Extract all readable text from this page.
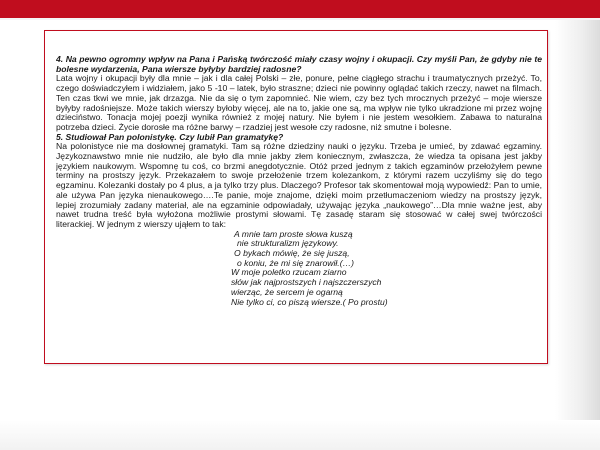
4. Na pewno ogromny wpływ na Pana i Pańską twórczość miały czasy wojny i okupacji. Czy myśli Pan, że gdyby nie te bolesne wydarzenia, Pana wiersze byłyby bardziej radosne?

Lata wojny i okupacji były dla mnie – jak i dla całej Polski – złe, ponure, pełne ciągłego strachu i traumatycznych przeżyć. To, czego doświadczyłem i widziałem, jako 5 -10 – latek, było straszne; dzieci nie powinny oglądać takich rzeczy, nawet na filmach. Ten czas tkwi we mnie, jak drzazga. Nie da się o tym zapomnieć. Nie wiem, czy bez tych mrocznych przeżyć – moje wiersze byłyby radośniejsze. Może takich wierszy byłoby więcej, ale na to, jakie one są, ma wpływ nie tylko ukradzione mi przez wojnę dzieciństwo. Tonacja mojej poezji wynika również z mojej natury. Nie byłem i nie jestem wesołkiem. Zabawa to naturalna potrzeba dzieci. Życie dorosłe ma różne barwy – rzadziej jest wesołe czy radosne, niż smutne i bolesne.

5. Studiował Pan polonistykę. Czy lubił Pan gramatykę?

Na polonistyce nie ma dosłownej gramatyki. Tam są różne dziedziny nauki o języku. Trzeba je umieć, by zdawać egzaminy. Językoznawstwo mnie nie nudziło, ale było dla mnie jakby złem koniecznym, zwłaszcza, że wiedza ta opisana jest jakby językiem naukowym. Wspomnę tu coś, co brzmi anegdotycznie. Otóż przed jednym z takich egzaminów przełożyłem pewne terminy na prostszy język. Przekazałem to swoje przełożenie trzem kolezankom, z którymi razem uczyliśmy się do tego egzaminu. Kolezanki dostały po 4 plus, a ja tylko trzy plus. Dlaczego? Profesor tak skomentował moją wypowiedź: Pan to umie, ale używa Pan języka nienaukowego….Te panie, moje znajome, dzięki moim przetłumaczeniom wiedzy na prostszy język, lepiej zrozumiały zadany materiał, ale na egzaminie odpowiadały, używając języka „naukowego”…Dla mnie ważne jest, aby nawet trudna treść była wyłożona możliwie prostymi słowami. Tę zasadę staram się stosować w całej swej twórczości literackiej. W jednym z wierszy ująłem to tak:

A mnie tam proste słowa kuszą
nie strukturalizm językowy.
O bykach mówię, że się juszą,
o koniu, że mi się znarowił.(…)
W moje poletko rzucam ziarno
słów jak najprostszych i najszczerszych
wierząc, że sercem je ogarną
Nie tylko ci, co piszą wiersze.( Po prostu)
